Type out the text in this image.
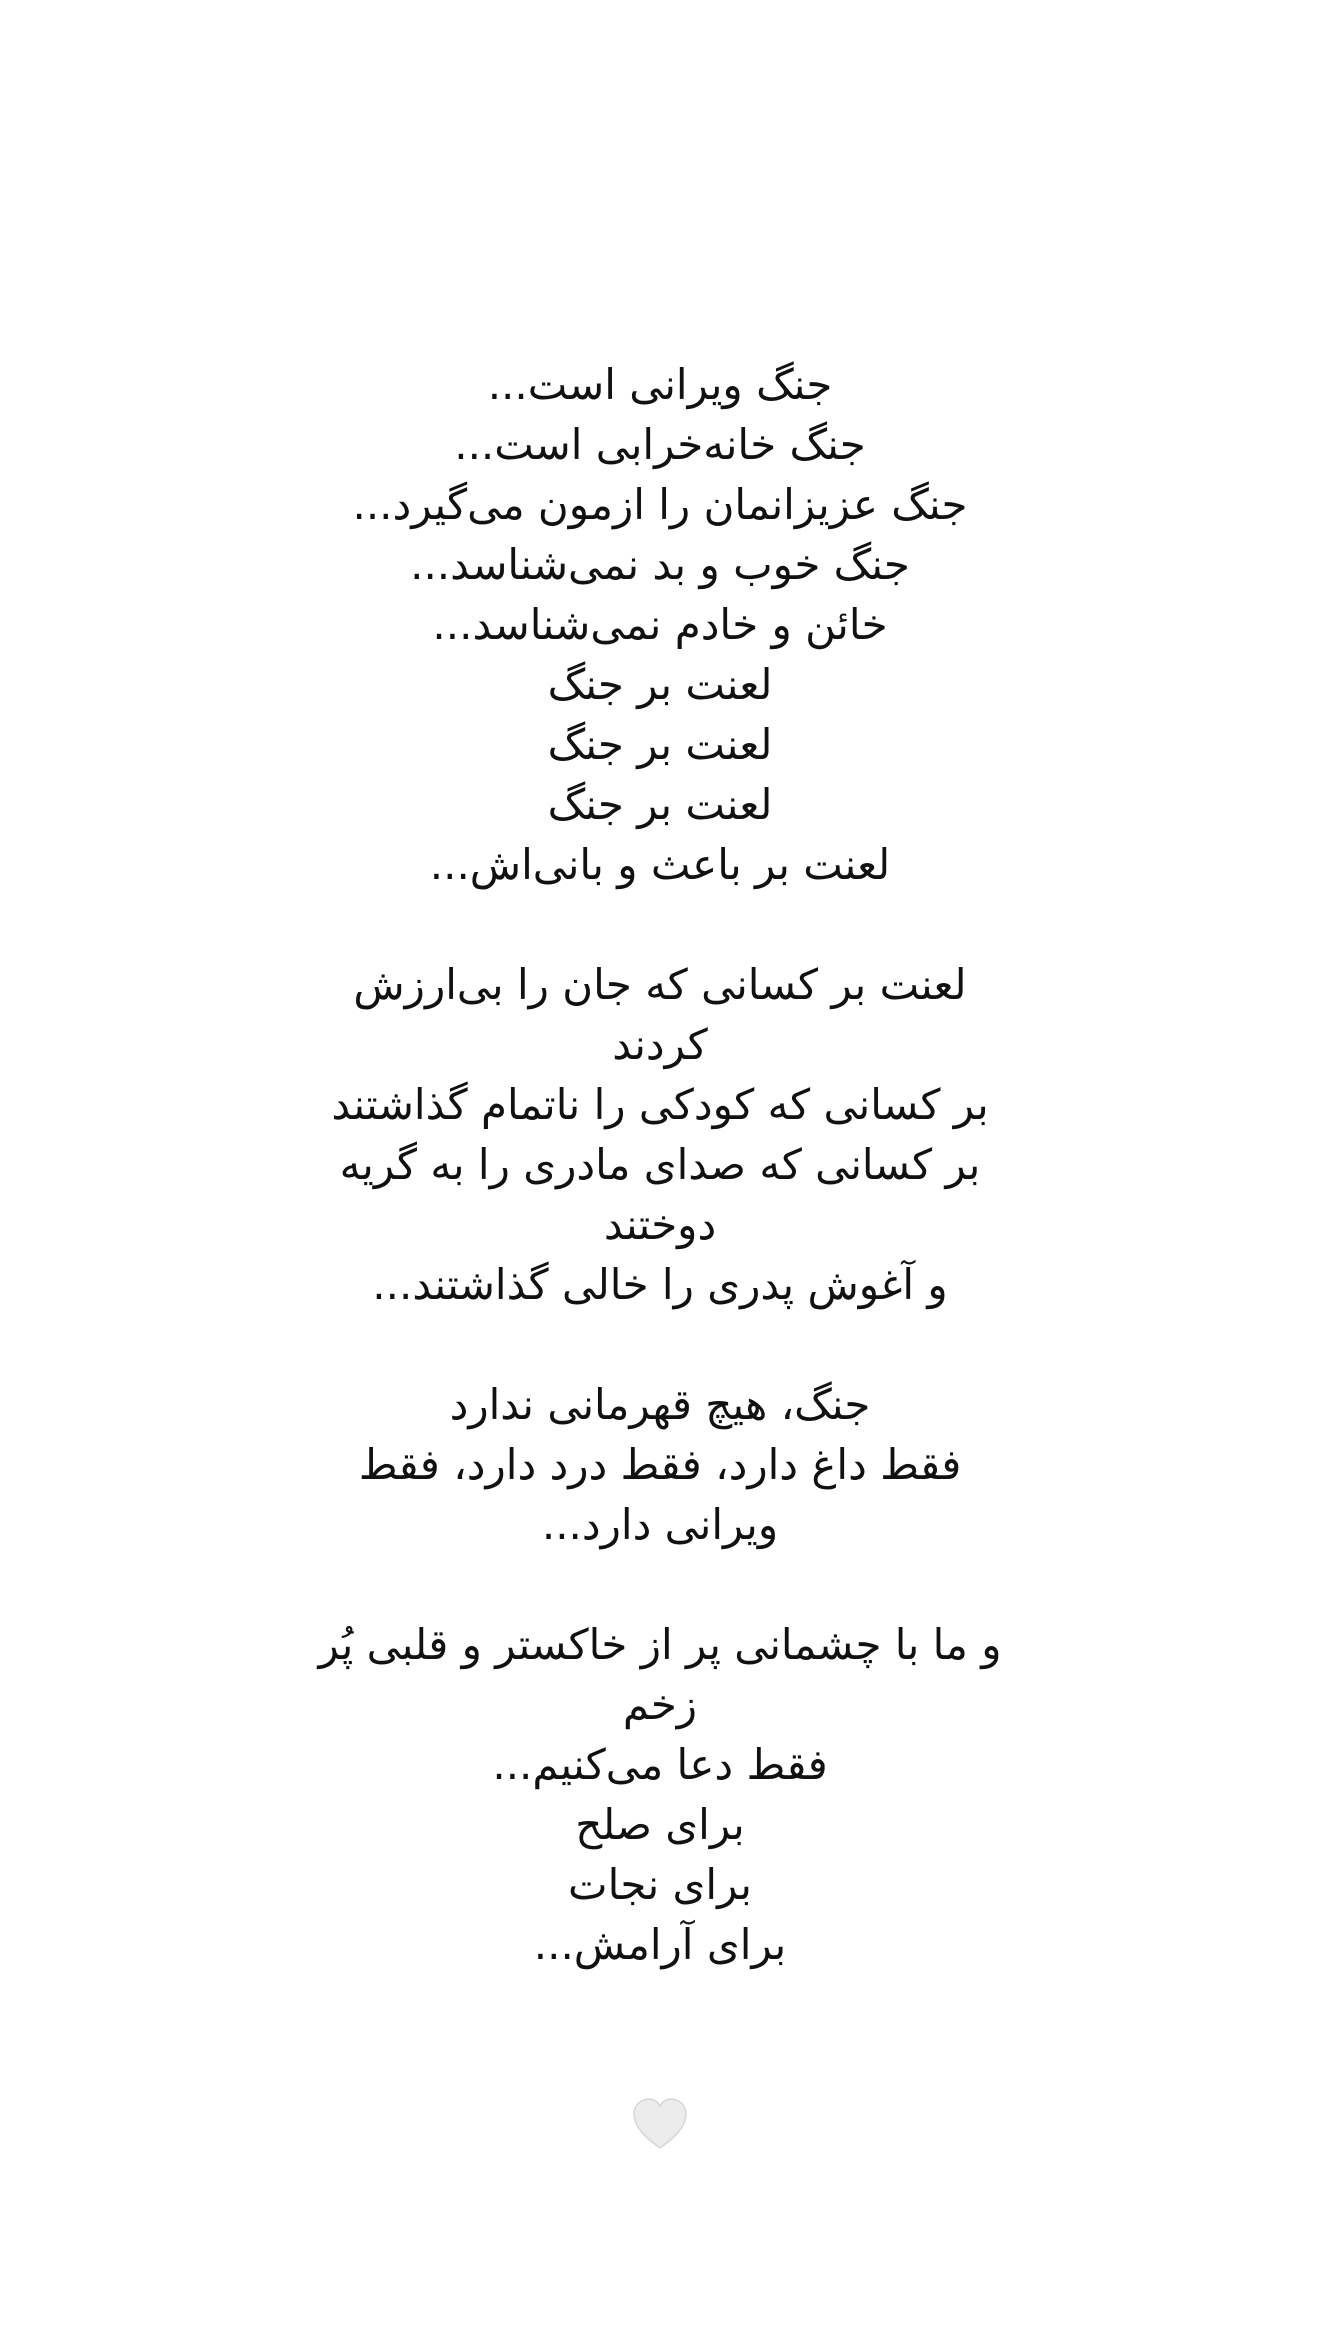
جنگ ویرانی است...
جنگ خانه‌خرابی است...
جنگ عزیزانمان را ازمون می‌گیرد...
جنگ خوب و بد نمی‌شناسد...
خائن و خادم نمی‌شناسد...
لعنت بر جنگ
لعنت بر جنگ
لعنت بر جنگ
لعنت بر باعث و بانی‌اش...
لعنت بر کسانی که جان را بی‌ارزش کردند
بر کسانی که کودکی را ناتمام گذاشتند
بر کسانی که صدای مادری را به گریه دوختند
و آغوش پدری را خالی گذاشتند...
جنگ، هیچ قهرمانی ندارد
فقط داغ دارد، فقط درد دارد، فقط ویرانی دارد...
و ما با چشمانی پر از خاکستر و قلبی پُر زخم
فقط دعا می‌کنیم...
برای صلح
برای نجات
برای آرامش...
